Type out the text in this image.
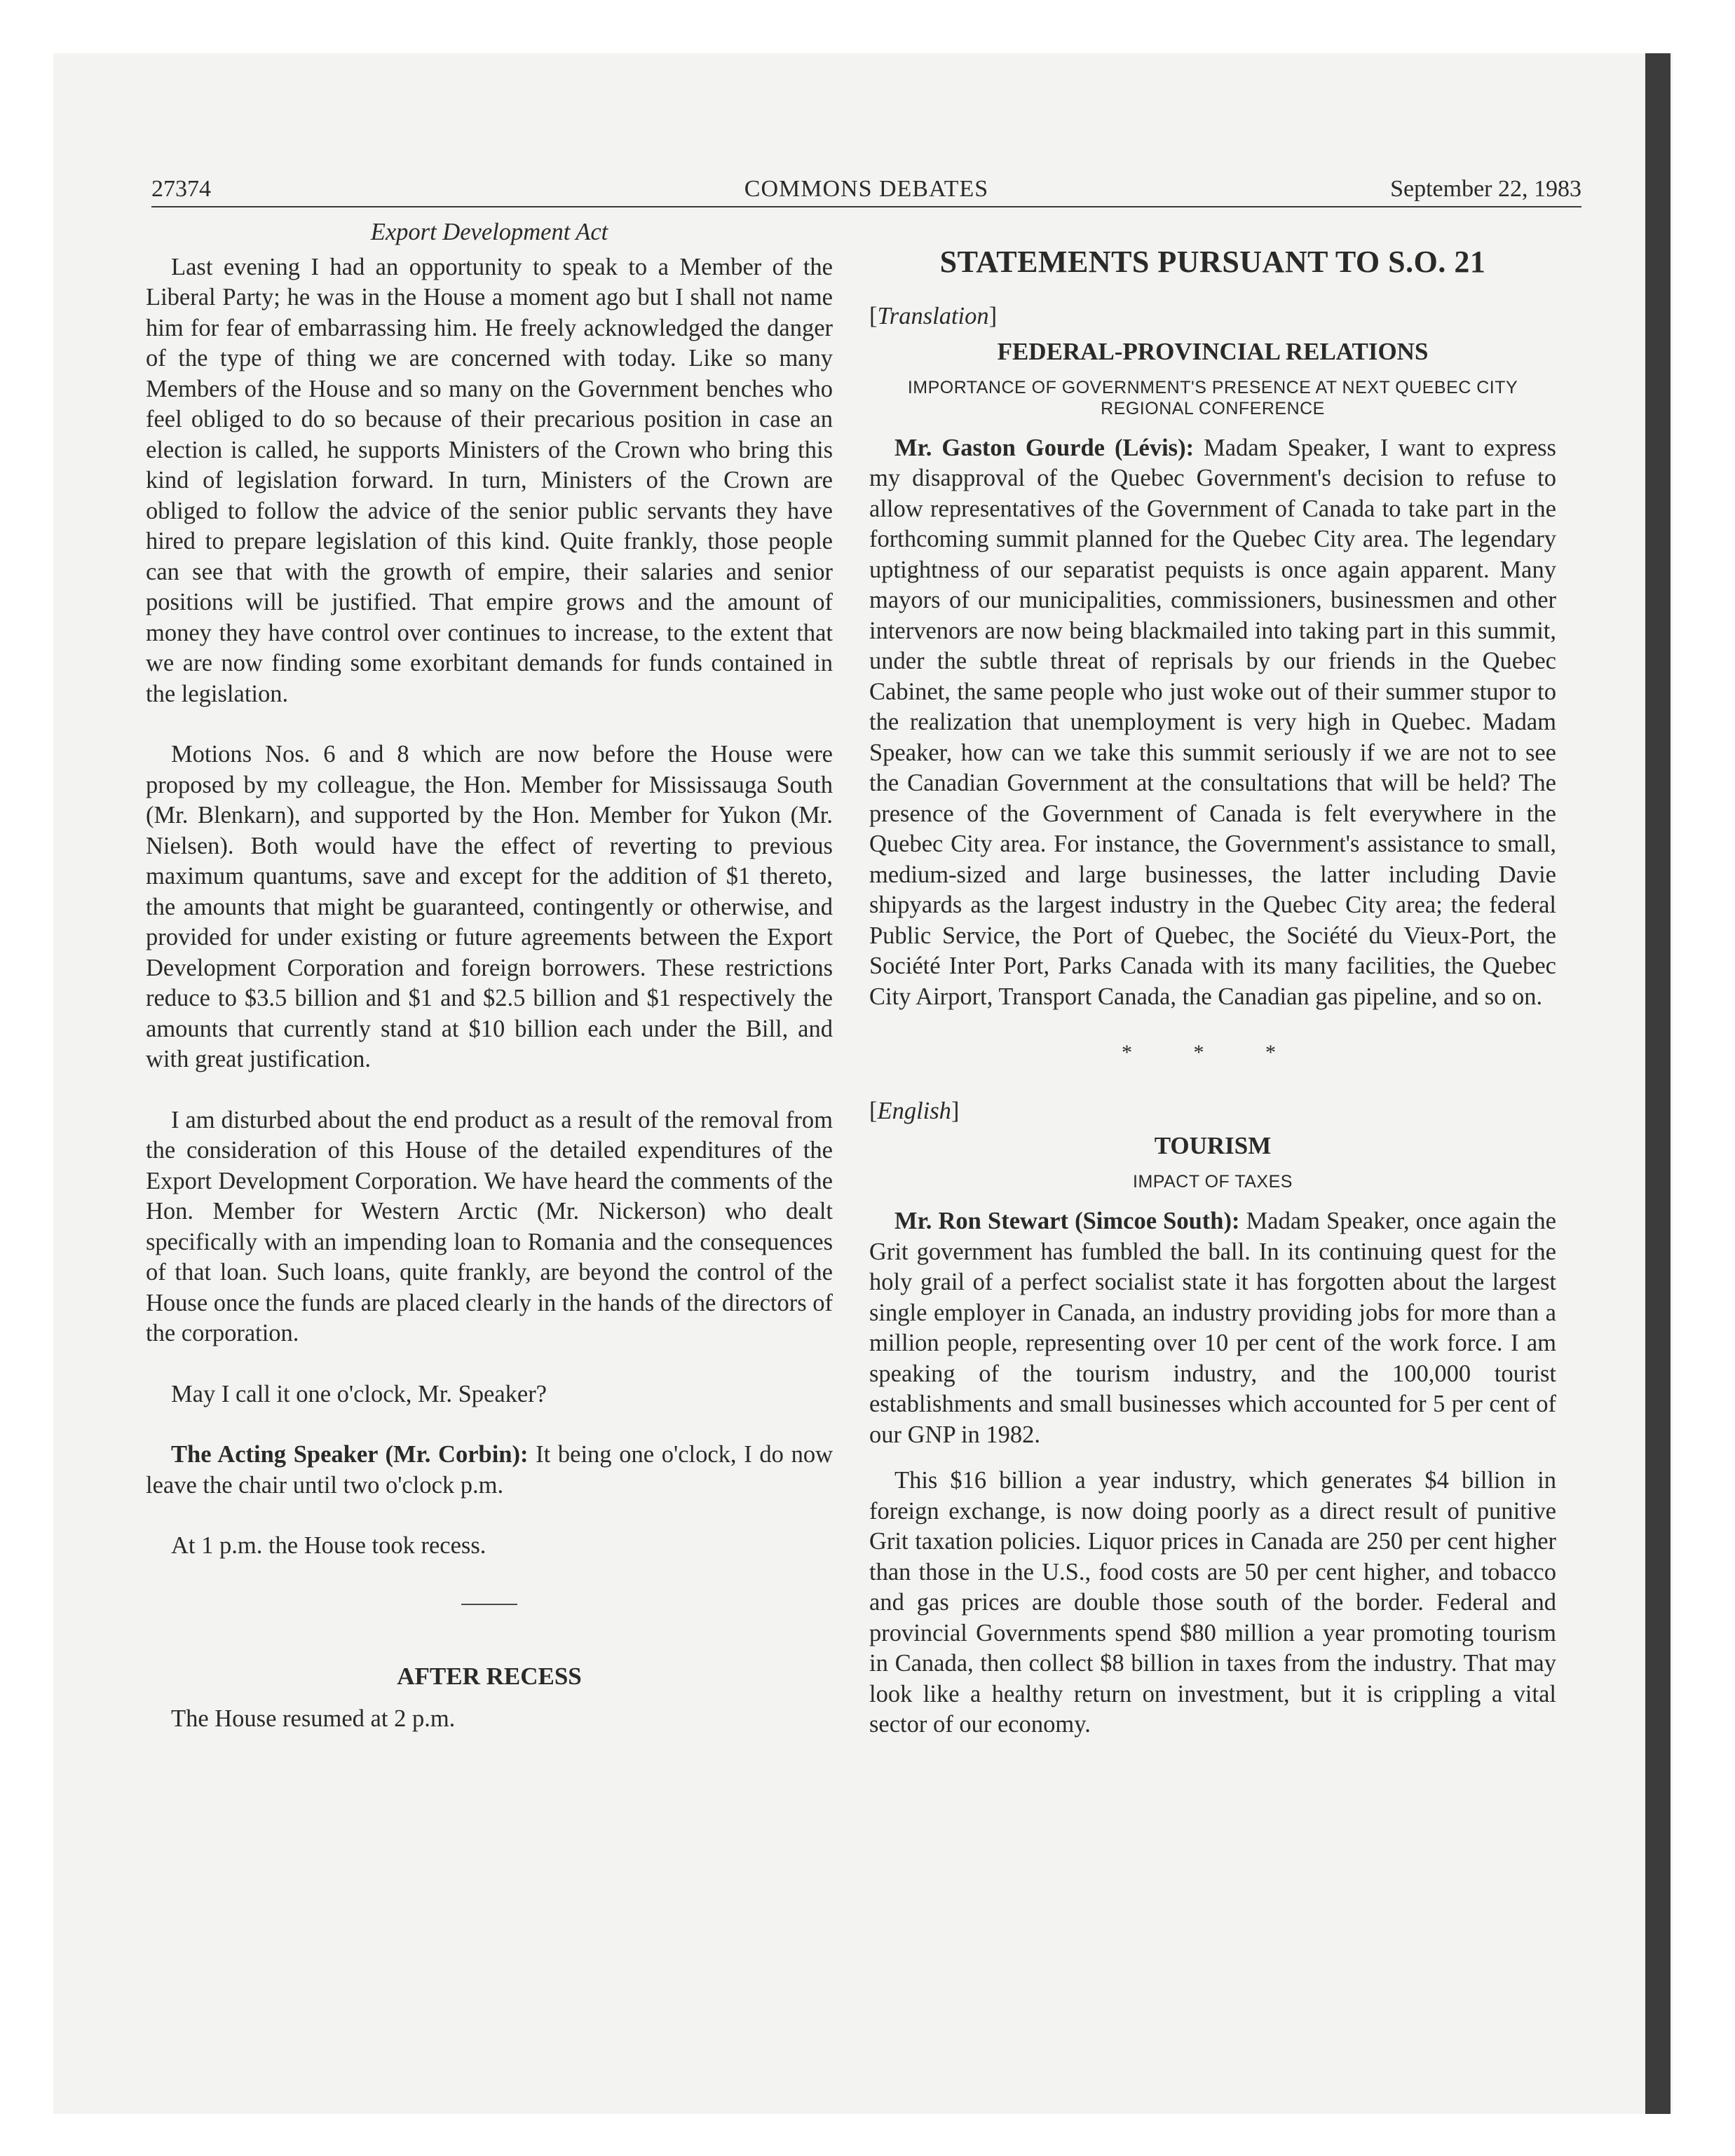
27374	COMMONS DEBATES	September 22, 1983
Export Development Act

Last evening I had an opportunity to speak to a Member of the Liberal Party; he was in the House a moment ago but I shall not name him for fear of embarrassing him. He freely acknowledged the danger of the type of thing we are concerned with today. Like so many Members of the House and so many on the Government benches who feel obliged to do so because of their precarious position in case an election is called, he supports Ministers of the Crown who bring this kind of legislation forward. In turn, Ministers of the Crown are obliged to follow the advice of the senior public servants they have hired to prepare legislation of this kind. Quite frankly, those people can see that with the growth of empire, their salaries and senior positions will be justified. That empire grows and the amount of money they have control over continues to increase, to the extent that we are now finding some exorbitant demands for funds contained in the legislation.

Motions Nos. 6 and 8 which are now before the House were proposed by my colleague, the Hon. Member for Mississauga South (Mr. Blenkarn), and supported by the Hon. Member for Yukon (Mr. Nielsen). Both would have the effect of reverting to previous maximum quantums, save and except for the addition of $1 thereto, the amounts that might be guaranteed, contingently or otherwise, and provided for under existing or future agreements between the Export Development Corporation and foreign borrowers. These restrictions reduce to $3.5 billion and $1 and $2.5 billion and $1 respectively the amounts that currently stand at $10 billion each under the Bill, and with great justification.

I am disturbed about the end product as a result of the removal from the consideration of this House of the detailed expenditures of the Export Development Corporation. We have heard the comments of the Hon. Member for Western Arctic (Mr. Nickerson) who dealt specifically with an impending loan to Romania and the consequences of that loan. Such loans, quite frankly, are beyond the control of the House once the funds are placed clearly in the hands of the directors of the corporation.

May I call it one o'clock, Mr. Speaker?

The Acting Speaker (Mr. Corbin): It being one o'clock, I do now leave the chair until two o'clock p.m.

At 1 p.m. the House took recess.

AFTER RECESS

The House resumed at 2 p.m.

STATEMENTS PURSUANT TO S.O. 21
[Translation]
FEDERAL-PROVINCIAL RELATIONS
IMPORTANCE OF GOVERNMENT'S PRESENCE AT NEXT QUEBEC CITY REGIONAL CONFERENCE

Mr. Gaston Gourde (Lévis): Madam Speaker, I want to express my disapproval of the Quebec Government's decision to refuse to allow representatives of the Government of Canada to take part in the forthcoming summit planned for the Quebec City area. The legendary uptightness of our separatist pequists is once again apparent. Many mayors of our municipalities, commissioners, businessmen and other intervenors are now being blackmailed into taking part in this summit, under the subtle threat of reprisals by our friends in the Quebec Cabinet, the same people who just woke out of their summer stupor to the realization that unemployment is very high in Quebec. Madam Speaker, how can we take this summit seriously if we are not to see the Canadian Government at the consultations that will be held? The presence of the Government of Canada is felt everywhere in the Quebec City area. For instance, the Government's assistance to small, medium-sized and large businesses, the latter including Davie shipyards as the largest industry in the Quebec City area; the federal Public Service, the Port of Quebec, the Société du Vieux-Port, the Société Inter Port, Parks Canada with its many facilities, the Quebec City Airport, Transport Canada, the Canadian gas pipeline, and so on.

* * *
[English]
TOURISM
IMPACT OF TAXES

Mr. Ron Stewart (Simcoe South): Madam Speaker, once again the Grit government has fumbled the ball. In its continuing quest for the holy grail of a perfect socialist state it has forgotten about the largest single employer in Canada, an industry providing jobs for more than a million people, representing over 10 per cent of the work force. I am speaking of the tourism industry, and the 100,000 tourist establishments and small businesses which accounted for 5 per cent of our GNP in 1982.

This $16 billion a year industry, which generates $4 billion in foreign exchange, is now doing poorly as a direct result of punitive Grit taxation policies. Liquor prices in Canada are 250 per cent higher than those in the U.S., food costs are 50 per cent higher, and tobacco and gas prices are double those south of the border. Federal and provincial Governments spend $80 million a year promoting tourism in Canada, then collect $8 billion in taxes from the industry. That may look like a healthy return on investment, but it is crippling a vital sector of our economy.
